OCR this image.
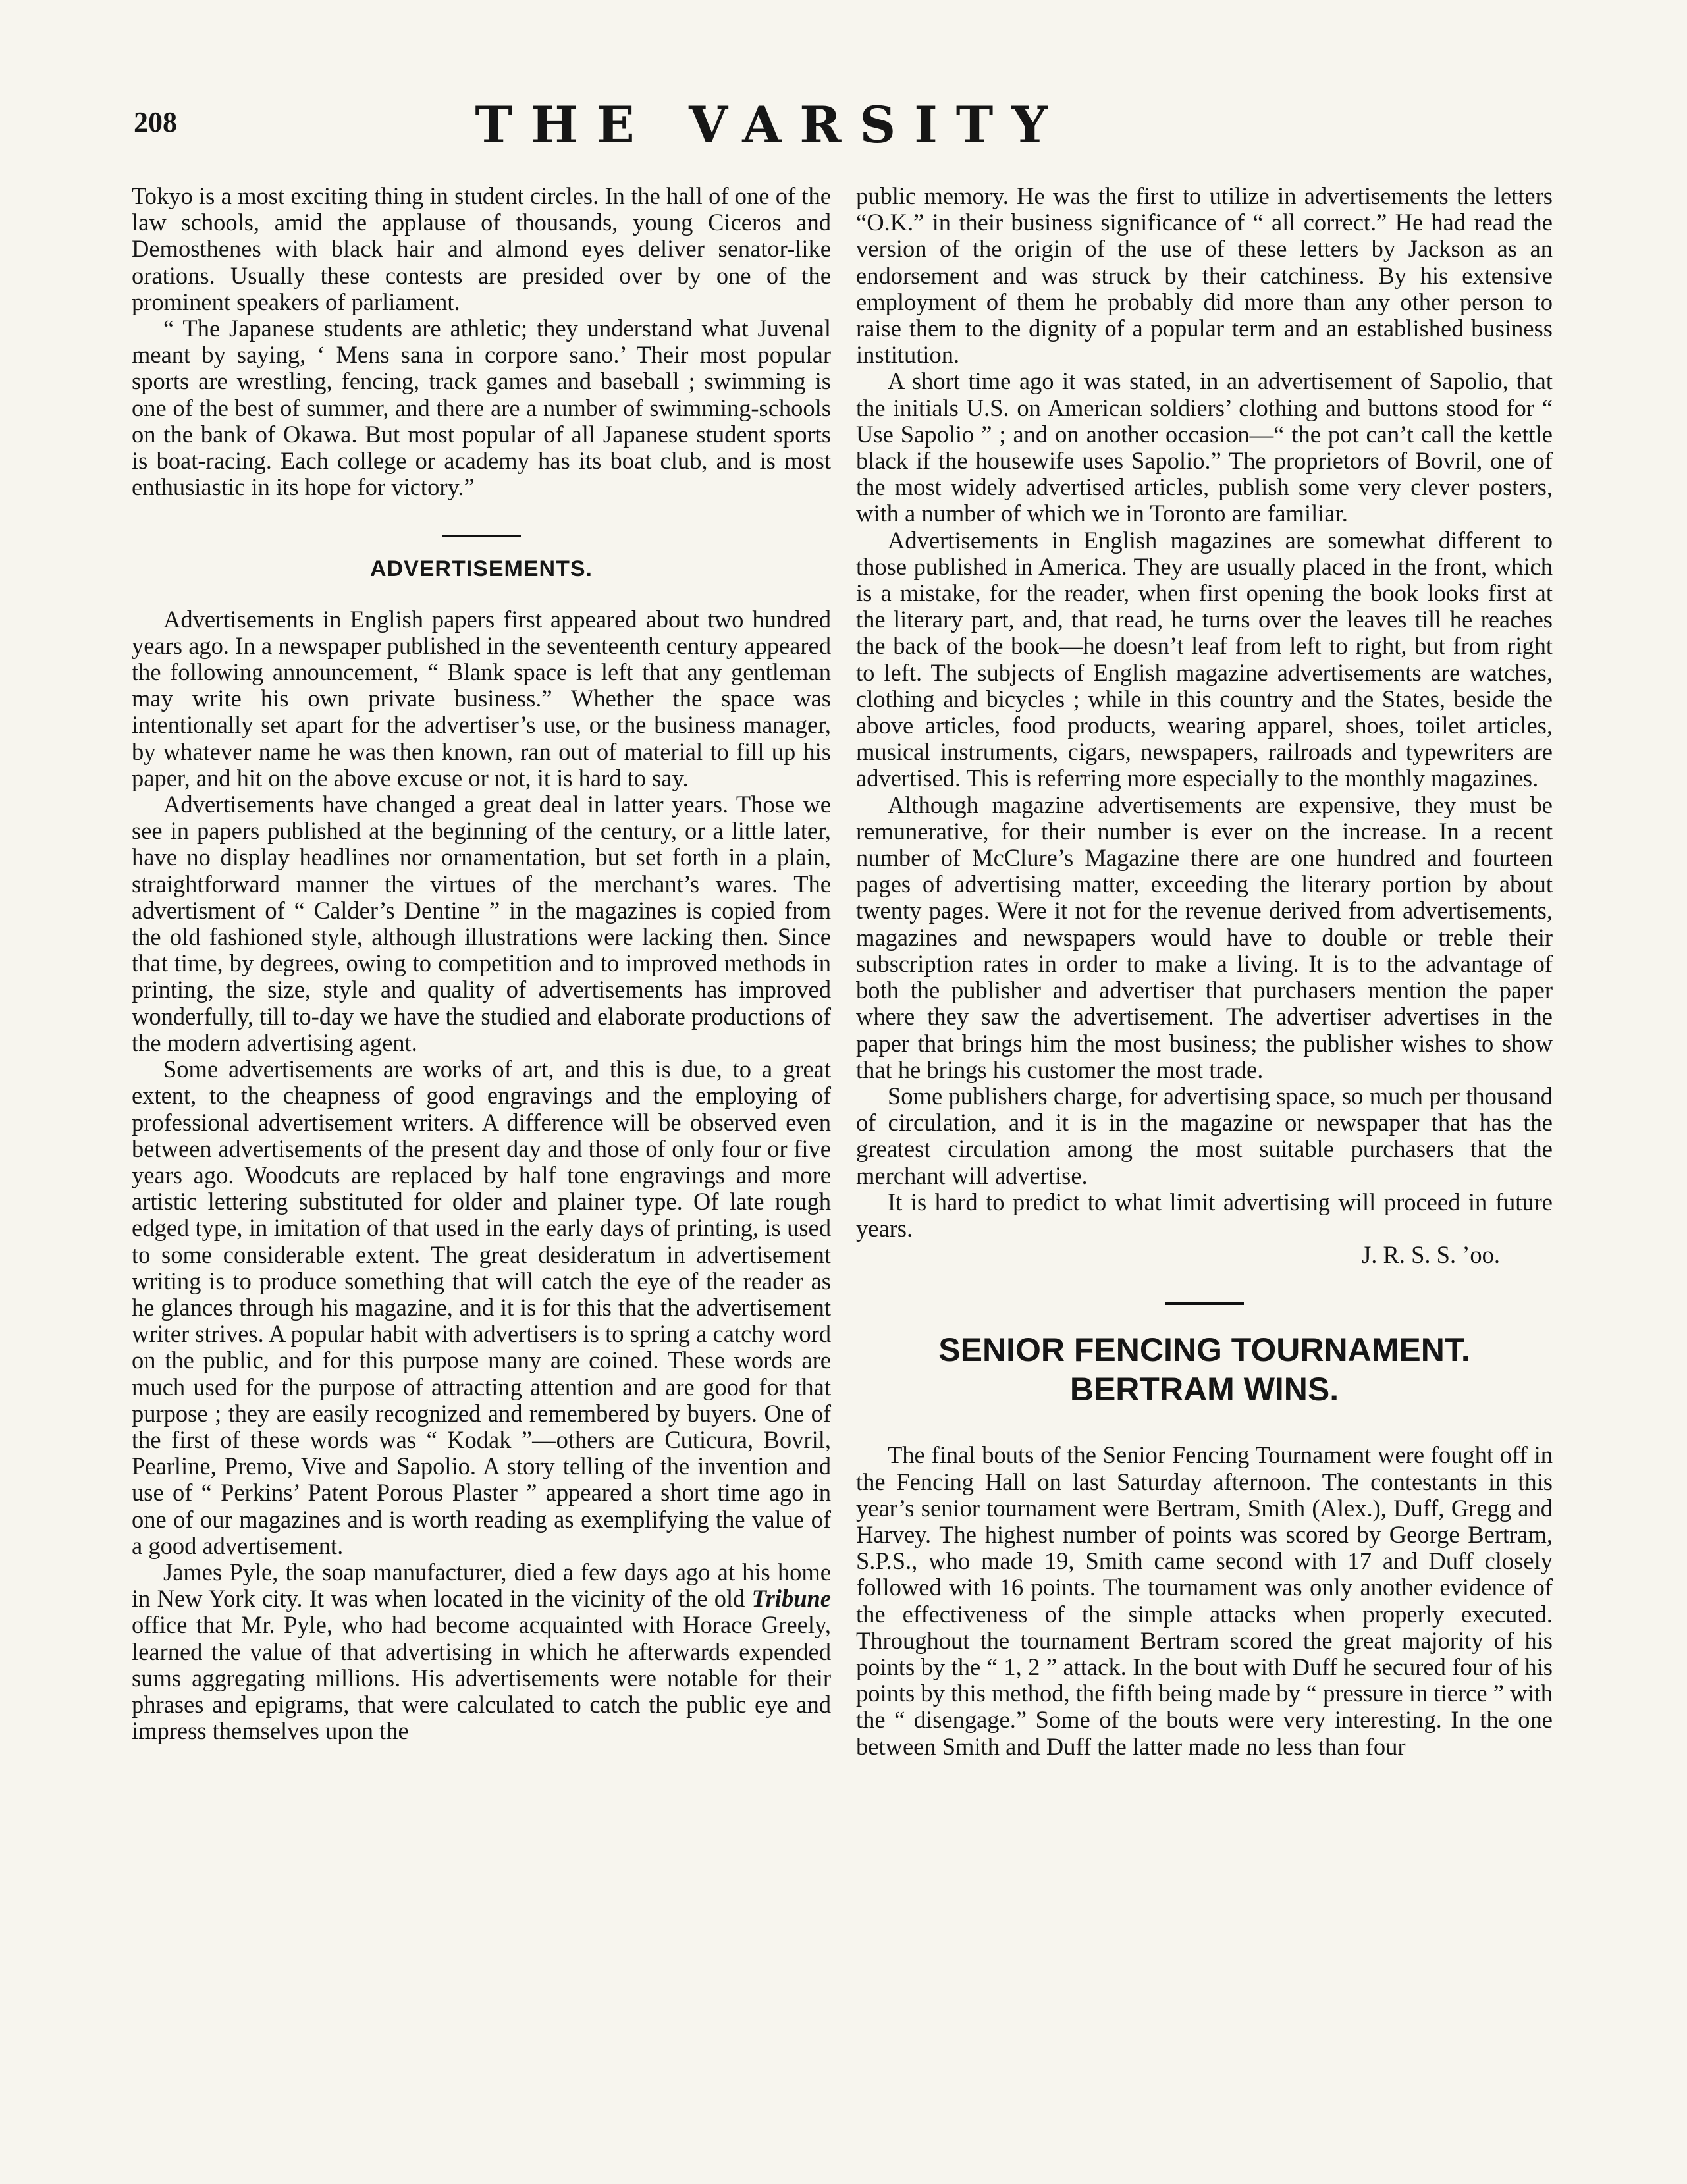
208	THE VARSITY

Tokyo is a most exciting thing in student circles. In the hall of one of the law schools, amid the applause of thousands, young Ciceros and Demosthenes with black hair and almond eyes deliver senator-like orations. Usually these contests are presided over by one of the prominent speakers of parliament.

“ The Japanese students are athletic; they understand what Juvenal meant by saying, ‘ Mens sana in corpore sano.’ Their most popular sports are wrestling, fencing, track games and baseball ; swimming is one of the best of summer, and there are a number of swimming-schools on the bank of Okawa. But most popular of all Japanese student sports is boat-racing. Each college or academy has its boat club, and is most enthusiastic in its hope for victory.”

ADVERTISEMENTS.

Advertisements in English papers first appeared about two hundred years ago. In a newspaper published in the seventeenth century appeared the following announcement, “ Blank space is left that any gentleman may write his own private business.” Whether the space was intentionally set apart for the advertiser’s use, or the business manager, by whatever name he was then known, ran out of material to fill up his paper, and hit on the above excuse or not, it is hard to say.

Advertisements have changed a great deal in latter years. Those we see in papers published at the beginning of the century, or a little later, have no display headlines nor ornamentation, but set forth in a plain, straightforward manner the virtues of the merchant’s wares. The advertisment of “ Calder’s Dentine ” in the magazines is copied from the old fashioned style, although illustrations were lacking then. Since that time, by degrees, owing to competition and to improved methods in printing, the size, style and quality of advertisements has improved wonderfully, till to-day we have the studied and elaborate productions of the modern advertising agent.

Some advertisements are works of art, and this is due, to a great extent, to the cheapness of good engravings and the employing of professional advertisement writers. A difference will be observed even between advertisements of the present day and those of only four or five years ago. Woodcuts are replaced by half tone engravings and more artistic lettering substituted for older and plainer type. Of late rough edged type, in imitation of that used in the early days of printing, is used to some considerable extent. The great desideratum in advertisement writing is to produce something that will catch the eye of the reader as he glances through his magazine, and it is for this that the advertisement writer strives. A popular habit with advertisers is to spring a catchy word on the public, and for this purpose many are coined. These words are much used for the purpose of attracting attention and are good for that purpose ; they are easily recognized and remembered by buyers. One of the first of these words was “ Kodak ”—others are Cuticura, Bovril, Pearline, Premo, Vive and Sapolio. A story telling of the invention and use of “ Perkins’ Patent Porous Plaster ” appeared a short time ago in one of our magazines and is worth reading as exemplifying the value of a good advertisement.

James Pyle, the soap manufacturer, died a few days ago at his home in New York city. It was when located in the vicinity of the old Tribune office that Mr. Pyle, who had become acquainted with Horace Greely, learned the value of that advertising in which he afterwards expended sums aggregating millions. His advertisements were notable for their phrases and epigrams, that were calculated to catch the public eye and impress themselves upon the

public memory. He was the first to utilize in advertisements the letters “O.K.” in their business significance of “ all correct.” He had read the version of the origin of the use of these letters by Jackson as an endorsement and was struck by their catchiness. By his extensive employment of them he probably did more than any other person to raise them to the dignity of a popular term and an established business institution.

A short time ago it was stated, in an advertisement of Sapolio, that the initials U.S. on American soldiers’ clothing and buttons stood for “ Use Sapolio ” ; and on another occasion—“ the pot can’t call the kettle black if the housewife uses Sapolio.” The proprietors of Bovril, one of the most widely advertised articles, publish some very clever posters, with a number of which we in Toronto are familiar.

Advertisements in English magazines are somewhat different to those published in America. They are usually placed in the front, which is a mistake, for the reader, when first opening the book looks first at the literary part, and, that read, he turns over the leaves till he reaches the back of the book—he doesn’t leaf from left to right, but from right to left. The subjects of English magazine advertisements are watches, clothing and bicycles ; while in this country and the States, beside the above articles, food products, wearing apparel, shoes, toilet articles, musical instruments, cigars, newspapers, railroads and typewriters are advertised. This is referring more especially to the monthly magazines.

Although magazine advertisements are expensive, they must be remunerative, for their number is ever on the increase. In a recent number of McClure’s Magazine there are one hundred and fourteen pages of advertising matter, exceeding the literary portion by about twenty pages. Were it not for the revenue derived from advertisements, magazines and newspapers would have to double or treble their subscription rates in order to make a living. It is to the advantage of both the publisher and advertiser that purchasers mention the paper where they saw the advertisement. The advertiser advertises in the paper that brings him the most business; the publisher wishes to show that he brings his customer the most trade.

Some publishers charge, for advertising space, so much per thousand of circulation, and it is in the magazine or newspaper that has the greatest circulation among the most suitable purchasers that the merchant will advertise.

It is hard to predict to what limit advertising will proceed in future years.

J. R. S. S. ’oo.

SENIOR FENCING TOURNAMENT.
BERTRAM WINS.

The final bouts of the Senior Fencing Tournament were fought off in the Fencing Hall on last Saturday afternoon. The contestants in this year’s senior tournament were Bertram, Smith (Alex.), Duff, Gregg and Harvey. The highest number of points was scored by George Bertram, S.P.S., who made 19, Smith came second with 17 and Duff closely followed with 16 points. The tournament was only another evidence of the effectiveness of the simple attacks when properly executed. Throughout the tournament Bertram scored the great majority of his points by the “ 1, 2 ” attack. In the bout with Duff he secured four of his points by this method, the fifth being made by “ pressure in tierce ” with the “ disengage.” Some of the bouts were very interesting. In the one between Smith and Duff the latter made no less than four
